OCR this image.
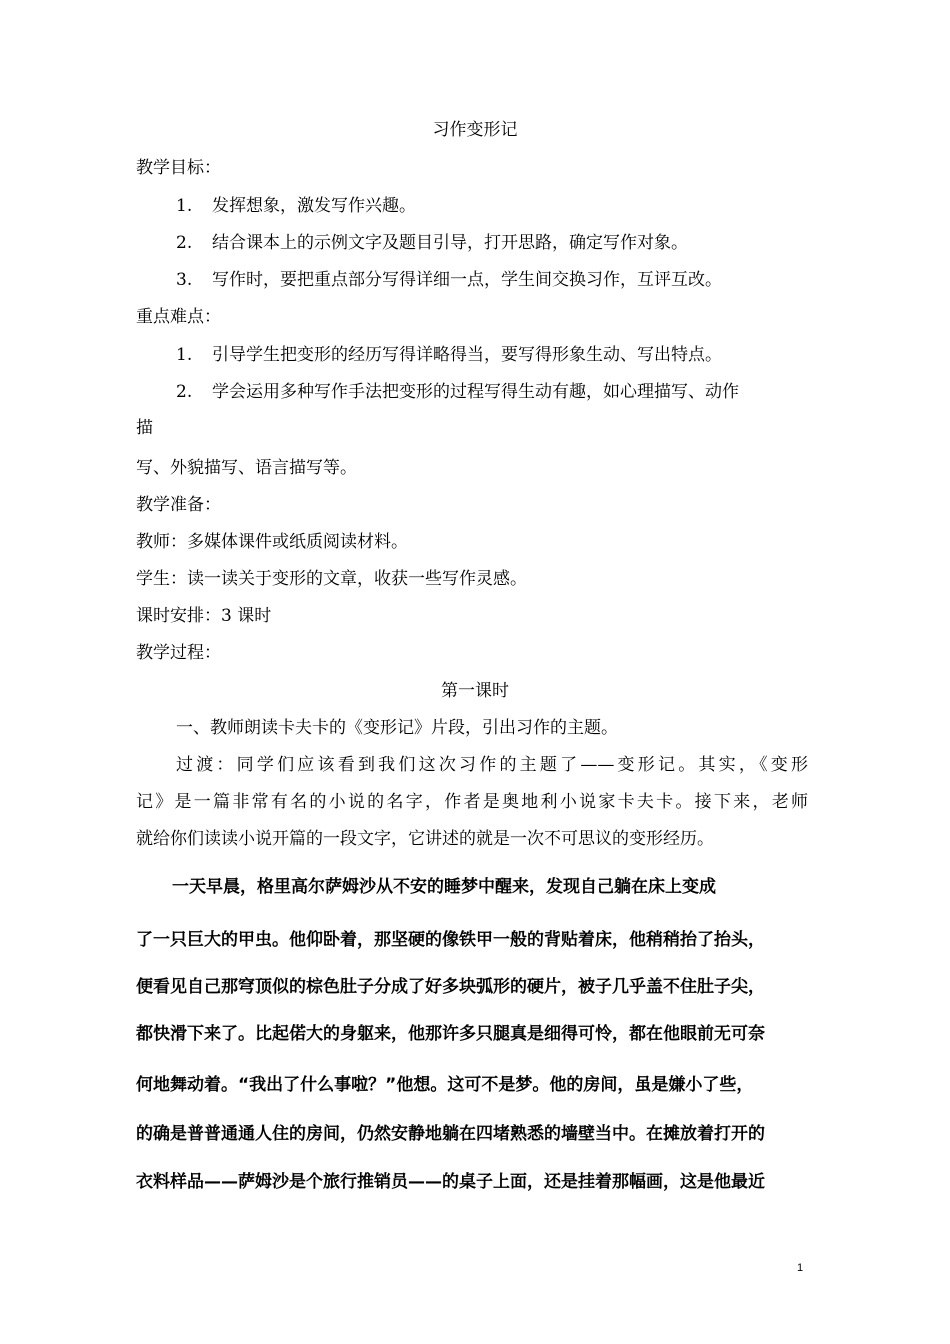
习作变形记
教学目标：
1. 发挥想象，激发写作兴趣。
2. 结合课本上的示例文字及题目引导，打开思路，确定写作对象。
3. 写作时，要把重点部分写得详细一点，学生间交换习作，互评互改。
重点难点：
1. 引导学生把变形的经历写得详略得当，要写得形象生动、写出特点。
2. 学会运用多种写作手法把变形的过程写得生动有趣，如心理描写、动作
描
写、外貌描写、语言描写等。
教学准备：
教师：多媒体课件或纸质阅读材料。
学生：读一读关于变形的文章，收获一些写作灵感。
课时安排：3 课时
教学过程：
第一课时
一、教师朗读卡夫卡的《变形记》片段，引出习作的主题。
过渡：同学们应该看到我们这次习作的主题了——变形记。其实，《变形
记》是一篇非常有名的小说的名字，作者是奥地利小说家卡夫卡。接下来，老师
就给你们读读小说开篇的一段文字，它讲述的就是一次不可思议的变形经历。
一天早晨，格里高尔萨姆沙从不安的睡梦中醒来，发现自己躺在床上变成
了一只巨大的甲虫。他仰卧着，那坚硬的像铁甲一般的背贴着床，他稍稍抬了抬头，
便看见自己那穹顶似的棕色肚子分成了好多块弧形的硬片，被子几乎盖不住肚子尖，
都快滑下来了。比起偌大的身躯来，他那许多只腿真是细得可怜，都在他眼前无可奈
何地舞动着。“我出了什么事啦？”他想。这可不是梦。他的房间，虽是嫌小了些，
的确是普普通通人住的房间，仍然安静地躺在四堵熟悉的墙壁当中。在摊放着打开的
衣料样品——萨姆沙是个旅行推销员——的桌子上面，还是挂着那幅画，这是他最近
1
